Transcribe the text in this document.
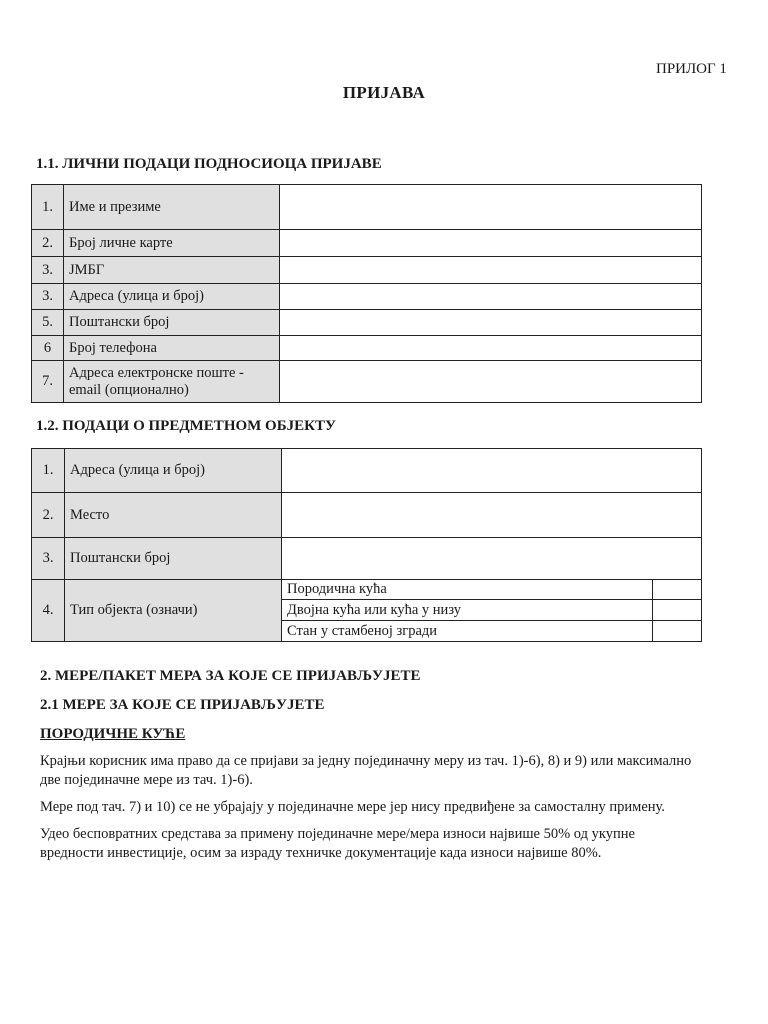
ПРИЛОГ 1
ПРИЈАВА
1.1. ЛИЧНИ ПОДАЦИ ПОДНОСИОЦА ПРИЈАВЕ
1.	Име и презиме	
2.	Број личне карте	
3.	ЈМБГ	
3.	Адреса (улица и број)	
5.	Поштански број	
6	Број телефона	
7.	Адреса електронске поште - email (опционално)	
1.2. ПОДАЦИ О ПРЕДМЕТНОМ ОБЈЕКТУ
1.	Адреса (улица и број)		
2.	Место		
3.	Поштански број		
4.	Тип објекта (означи)	Породична кућа	
		Двојна кућа или кућа у низу	
		Стан у стамбеној згради	
2. МЕРЕ/ПАКЕТ МЕРА ЗА КОЈЕ СЕ ПРИЈАВЉУЈЕТЕ
2.1 МЕРЕ ЗА КОЈЕ СЕ ПРИЈАВЉУЈЕТЕ
ПОРОДИЧНЕ КУЋЕ
Крајњи корисник има право да се пријави за једну појединачну меру из тач. 1)-6), 8) и 9) или максимално две појединачне мере из тач. 1)-6).
Мере под тач. 7) и 10) се не убрајају у појединачне мере јер нису предвиђене за самосталну примену.
Удео бесповратних средстава за примену појединачне мере/мера износи највише 50% од укупне вредности инвестиције, осим за израду техничке документације када износи највише 80%.
